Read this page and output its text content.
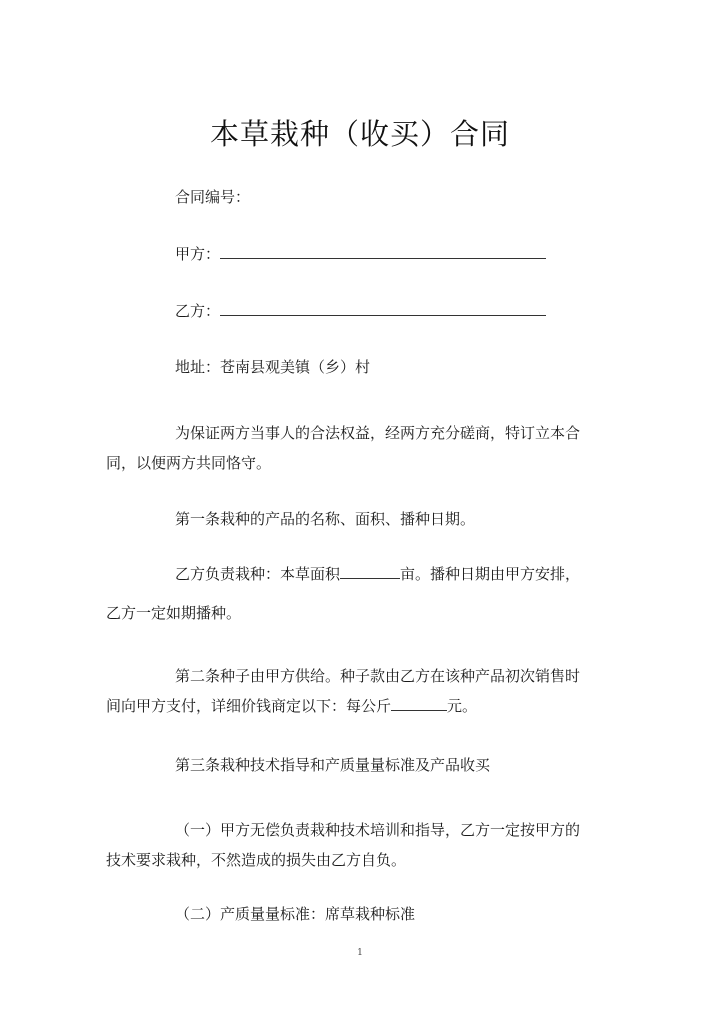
本草栽种（收买）合同
合同编号：
甲方：
乙方：
地址：苍南县观美镇（乡）村
为保证两方当事人的合法权益，经两方充分磋商，特订立本合同，以便两方共同恪守。
第一条栽种的产品的名称、面积、播种日期。
乙方负责栽种：本草面积	亩。播种日期由甲方安排，
乙方一定如期播种。
第二条种子由甲方供给。种子款由乙方在该种产品初次销售时间向甲方支付，详细价钱商定以下：每公斤	元。
第三条栽种技术指导和产质量量标准及产品收买
（一）甲方无偿负责栽种技术培训和指导，乙方一定按甲方的技术要求栽种，不然造成的损失由乙方自负。
（二）产质量量标准：席草栽种标准
1
